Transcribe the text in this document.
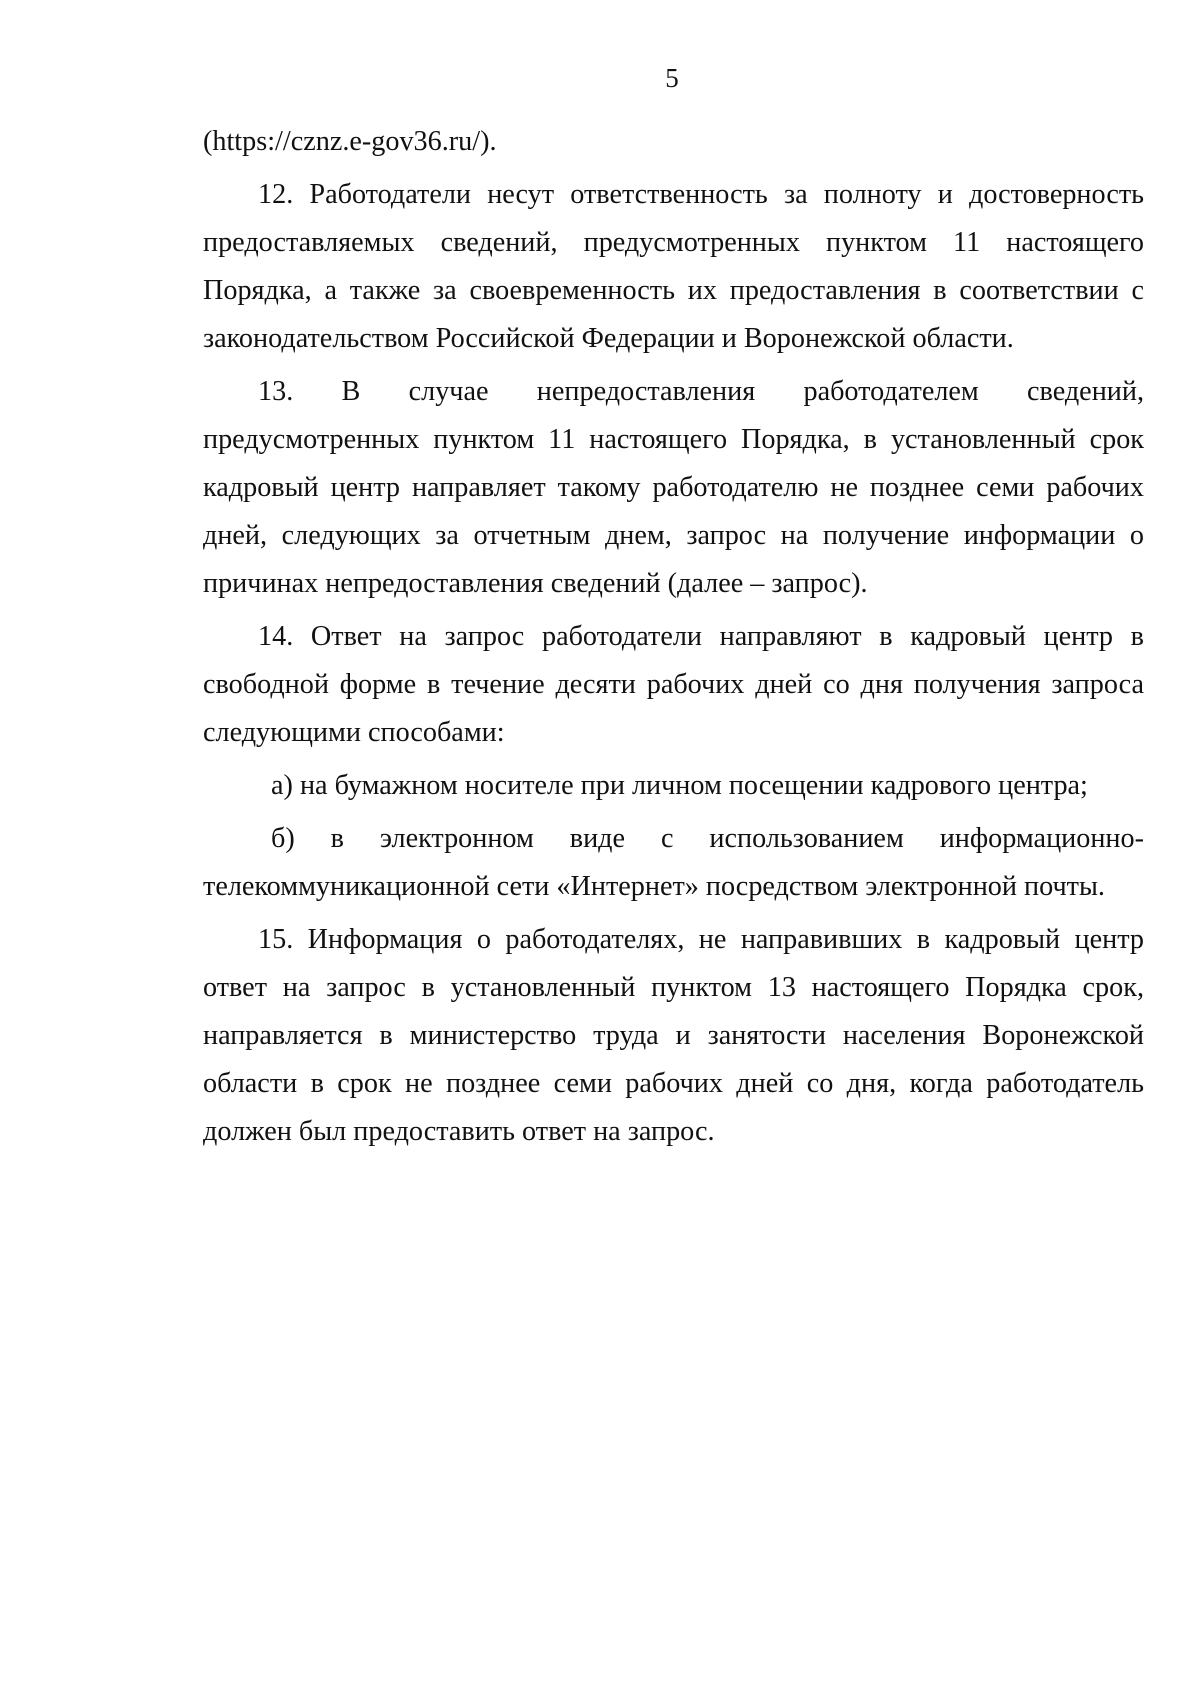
5

(https://cznz.e-gov36.ru/).

12. Работодатели несут ответственность за полноту и достоверность предоставляемых сведений, предусмотренных пунктом 11 настоящего Порядка, а также за своевременность их предоставления в соответствии с законодательством Российской Федерации и Воронежской области.

13. В случае непредоставления работодателем сведений, предусмотренных пунктом 11 настоящего Порядка, в установленный срок кадровый центр направляет такому работодателю не позднее семи рабочих дней, следующих за отчетным днем, запрос на получение информации о причинах непредоставления сведений (далее – запрос).

14. Ответ на запрос работодатели направляют в кадровый центр в свободной форме в течение десяти рабочих дней со дня получения запроса следующими способами:

а) на бумажном носителе при личном посещении кадрового центра;

б) в электронном виде с использованием информационно-телекоммуникационной сети «Интернет» посредством электронной почты.

15. Информация о работодателях, не направивших в кадровый центр ответ на запрос в установленный пунктом 13 настоящего Порядка срок, направляется в министерство труда и занятости населения Воронежской области в срок не позднее семи рабочих дней со дня, когда работодатель должен был предоставить ответ на запрос.
